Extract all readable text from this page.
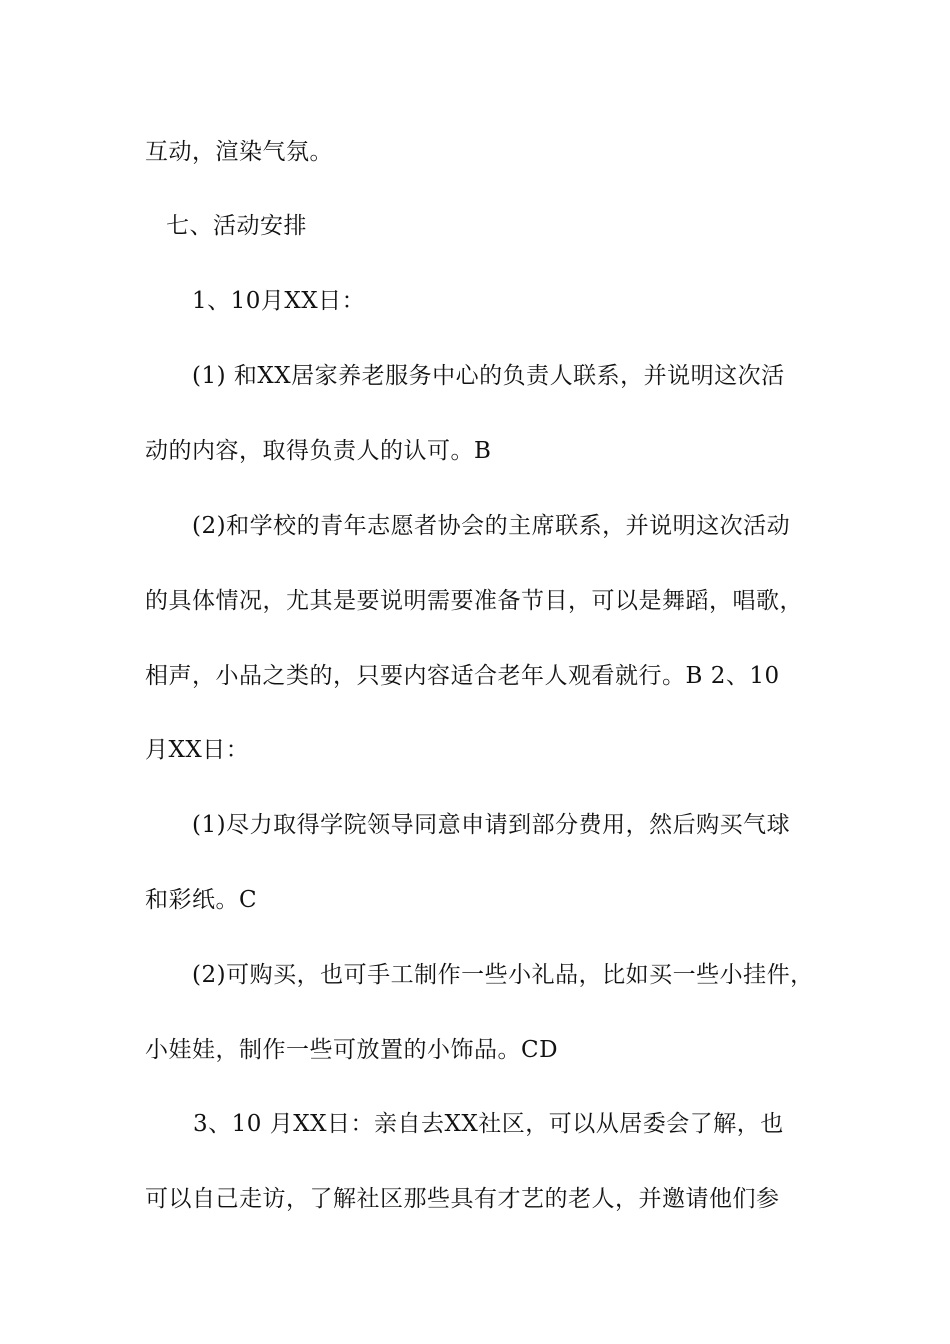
互动，渲染气氛。
七、活动安排
1、10月XX日：
(1) 和XX居家养老服务中心的负责人联系，并说明这次活
动的内容，取得负责人的认可。B
(2)和学校的青年志愿者协会的主席联系，并说明这次活动
的具体情况，尤其是要说明需要准备节目，可以是舞蹈，唱歌，
相声，小品之类的，只要内容适合老年人观看就行。B 2、10
月XX日：
(1)尽力取得学院领导同意申请到部分费用，然后购买气球
和彩纸。C
(2)可购买，也可手工制作一些小礼品，比如买一些小挂件，
小娃娃，制作一些可放置的小饰品。CD
3、10 月XX日：亲自去XX社区，可以从居委会了解，也
可以自己走访，了解社区那些具有才艺的老人，并邀请他们参
